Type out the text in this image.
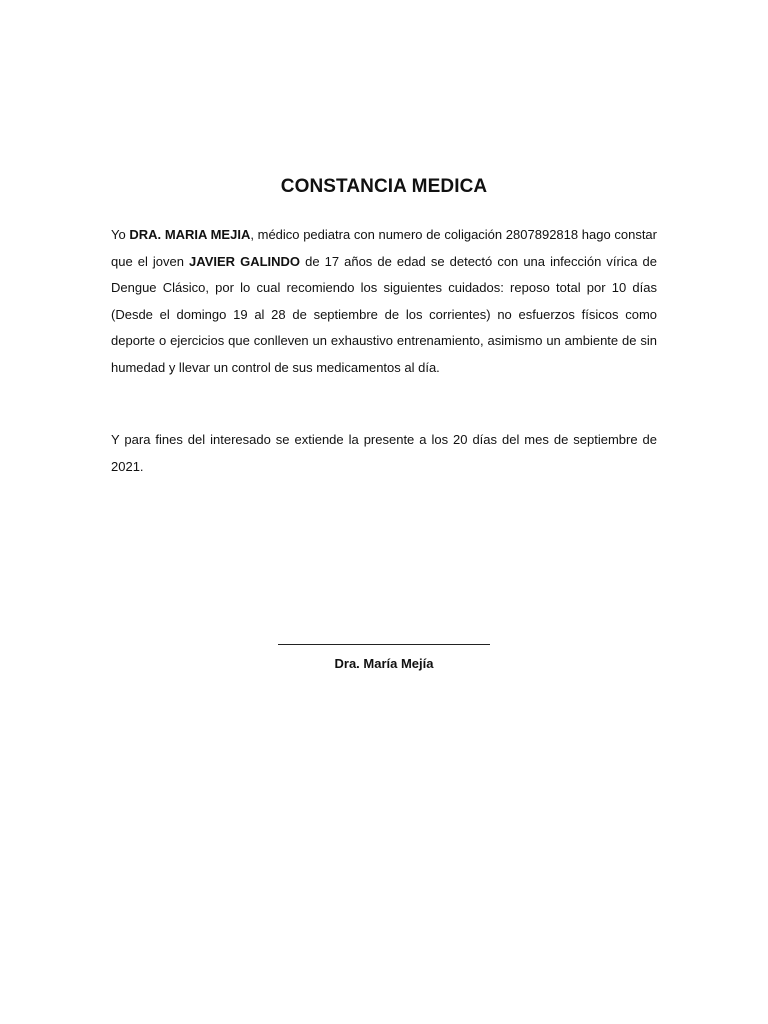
CONSTANCIA MEDICA

Yo DRA. MARIA MEJIA, médico pediatra con numero de coligación 2807892818 hago constar que el joven JAVIER GALINDO de 17 años de edad se detectó con una infección vírica de Dengue Clásico, por lo cual recomiendo los siguientes cuidados: reposo total por 10 días (Desde el domingo 19 al 28 de septiembre de los corrientes) no esfuerzos físicos como deporte o ejercicios que conlleven un exhaustivo entrenamiento, asimismo un ambiente de sin humedad y llevar un control de sus medicamentos al día.

Y para fines del interesado se extiende la presente a los 20 días del mes de septiembre de 2021.

Dra. María Mejía
